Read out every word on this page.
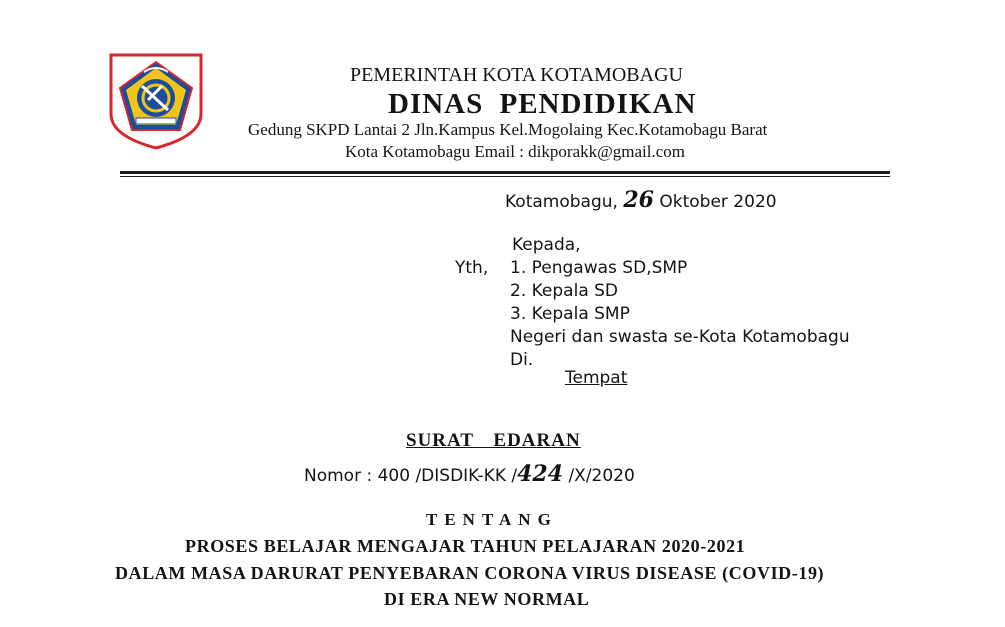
PEMERINTAH KOTA KOTAMOBAGU
DINAS PENDIDIKAN
Gedung SKPD Lantai 2 Jln.Kampus Kel.Mogolaing Kec.Kotamobagu Barat
Kota Kotamobagu Email : dikporakk@gmail.com
Kotamobagu, 26 Oktober 2020
Kepada,
Yth, 1. Pengawas SD,SMP
2. Kepala SD
3. Kepala SMP
Negeri dan swasta se-Kota Kotamobagu
Di.
Tempat
SURAT EDARAN
Nomor : 400 /DISDIK-KK /424 /X/2020
TENTANG
PROSES BELAJAR MENGAJAR TAHUN PELAJARAN 2020-2021
DALAM MASA DARURAT PENYEBARAN CORONA VIRUS DISEASE (COVID-19)
DI ERA NEW NORMAL
